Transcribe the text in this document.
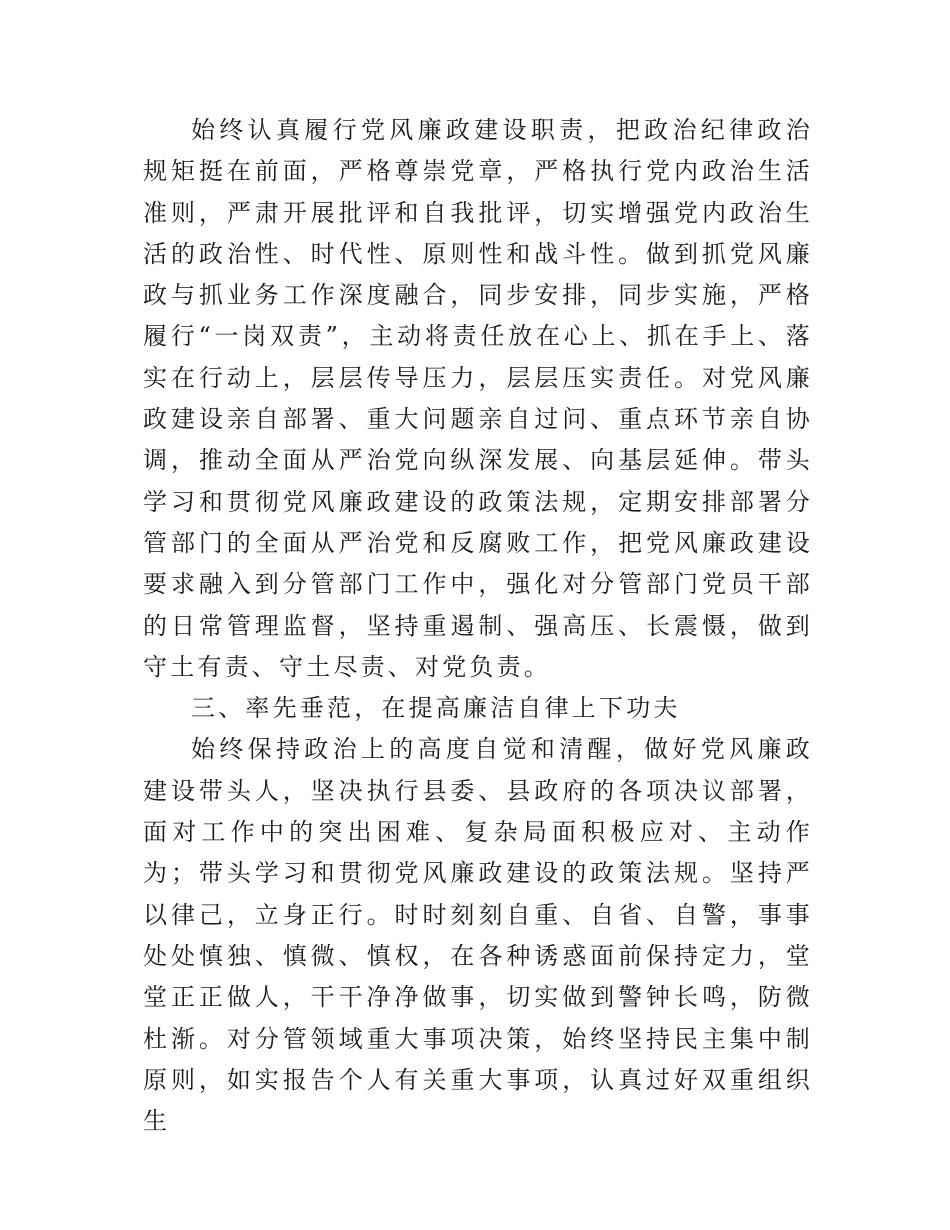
始终认真履行党风廉政建设职责，把政治纪律政治规矩挺在前面，严格尊崇党章，严格执行党内政治生活准则，严肃开展批评和自我批评，切实增强党内政治生活的政治性、时代性、原则性和战斗性。做到抓党风廉政与抓业务工作深度融合，同步安排，同步实施，严格履行“一岗双责”，主动将责任放在心上、抓在手上、落实在行动上，层层传导压力，层层压实责任。对党风廉政建设亲自部署、重大问题亲自过问、重点环节亲自协调，推动全面从严治党向纵深发展、向基层延伸。带头学习和贯彻党风廉政建设的政策法规，定期安排部署分管部门的全面从严治党和反腐败工作，把党风廉政建设要求融入到分管部门工作中，强化对分管部门党员干部的日常管理监督，坚持重遏制、强高压、长震慑，做到守土有责、守土尽责、对党负责。

三、率先垂范，在提高廉洁自律上下功夫

始终保持政治上的高度自觉和清醒，做好党风廉政建设带头人，坚决执行县委、县政府的各项决议部署，面对工作中的突出困难、复杂局面积极应对、主动作为；带头学习和贯彻党风廉政建设的政策法规。坚持严以律己，立身正行。时时刻刻自重、自省、自警，事事处处慎独、慎微、慎权，在各种诱惑面前保持定力，堂堂正正做人，干干净净做事，切实做到警钟长鸣，防微杜渐。对分管领域重大事项决策，始终坚持民主集中制原则，如实报告个人有关重大事项，认真过好双重组织生
